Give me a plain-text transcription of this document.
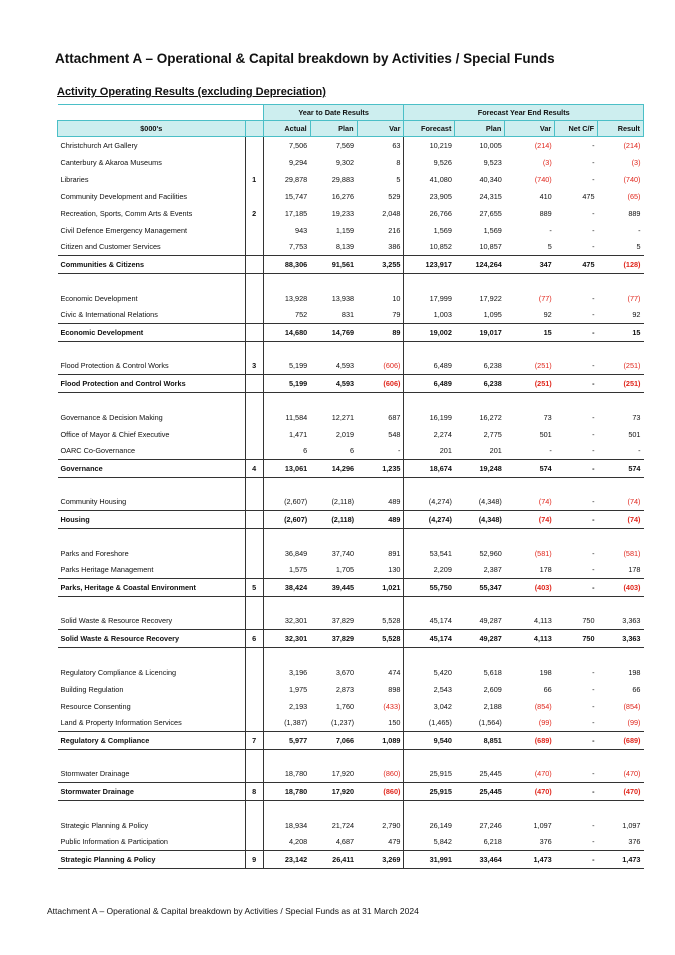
Attachment A – Operational & Capital breakdown by Activities / Special Funds
Activity Operating Results (excluding Depreciation)
		Year to Date Results			Forecast Year End Results				
$000's		Actual	Plan	Var	Forecast	Plan	Var	Net C/F	Result
Christchurch Art Gallery		7,506	7,569	63	10,219	10,005	(214)	-	(214)
Canterbury & Akaroa Museums		9,294	9,302	8	9,526	9,523	(3)	-	(3)
Libraries	1	29,878	29,883	5	41,080	40,340	(740)	-	(740)
Community Development and Facilities		15,747	16,276	529	23,905	24,315	410	475	(65)
Recreation, Sports, Comm Arts & Events	2	17,185	19,233	2,048	26,766	27,655	889	-	889
Civil Defence Emergency Management		943	1,159	216	1,569	1,569	-	-	-
Citizen and Customer Services		7,753	8,139	386	10,852	10,857	5	-	5
Communities & Citizens		88,306	91,561	3,255	123,917	124,264	347	475	(128)

Economic Development		13,928	13,938	10	17,999	17,922	(77)	-	(77)
Civic & International Relations		752	831	79	1,003	1,095	92	-	92
Economic Development		14,680	14,769	89	19,002	19,017	15	-	15

Flood Protection & Control Works	3	5,199	4,593	(606)	6,489	6,238	(251)	-	(251)
Flood Protection and Control Works		5,199	4,593	(606)	6,489	6,238	(251)	-	(251)

Governance & Decision Making		11,584	12,271	687	16,199	16,272	73	-	73
Office of Mayor & Chief Executive		1,471	2,019	548	2,274	2,775	501	-	501
OARC Co-Governance		6	6	-	201	201	-	-	-
Governance	4	13,061	14,296	1,235	18,674	19,248	574	-	574

Community Housing		(2,607)	(2,118)	489	(4,274)	(4,348)	(74)	-	(74)
Housing		(2,607)	(2,118)	489	(4,274)	(4,348)	(74)	-	(74)

Parks and Foreshore		36,849	37,740	891	53,541	52,960	(581)	-	(581)
Parks Heritage Management		1,575	1,705	130	2,209	2,387	178	-	178
Parks, Heritage & Coastal Environment	5	38,424	39,445	1,021	55,750	55,347	(403)	-	(403)

Solid Waste & Resource Recovery		32,301	37,829	5,528	45,174	49,287	4,113	750	3,363
Solid Waste & Resource Recovery	6	32,301	37,829	5,528	45,174	49,287	4,113	750	3,363

Regulatory Compliance & Licencing		3,196	3,670	474	5,420	5,618	198	-	198
Building Regulation		1,975	2,873	898	2,543	2,609	66	-	66
Resource Consenting		2,193	1,760	(433)	3,042	2,188	(854)	-	(854)
Land & Property Information Services		(1,387)	(1,237)	150	(1,465)	(1,564)	(99)	-	(99)
Regulatory & Compliance	7	5,977	7,066	1,089	9,540	8,851	(689)	-	(689)

Stormwater Drainage		18,780	17,920	(860)	25,915	25,445	(470)	-	(470)
Stormwater Drainage	8	18,780	17,920	(860)	25,915	25,445	(470)	-	(470)

Strategic Planning & Policy		18,934	21,724	2,790	26,149	27,246	1,097	-	1,097
Public Information & Participation		4,208	4,687	479	5,842	6,218	376	-	376
Strategic Planning & Policy	9	23,142	26,411	3,269	31,991	33,464	1,473	-	1,473
Attachment A – Operational & Capital breakdown by Activities / Special Funds as at 31 March 2024
